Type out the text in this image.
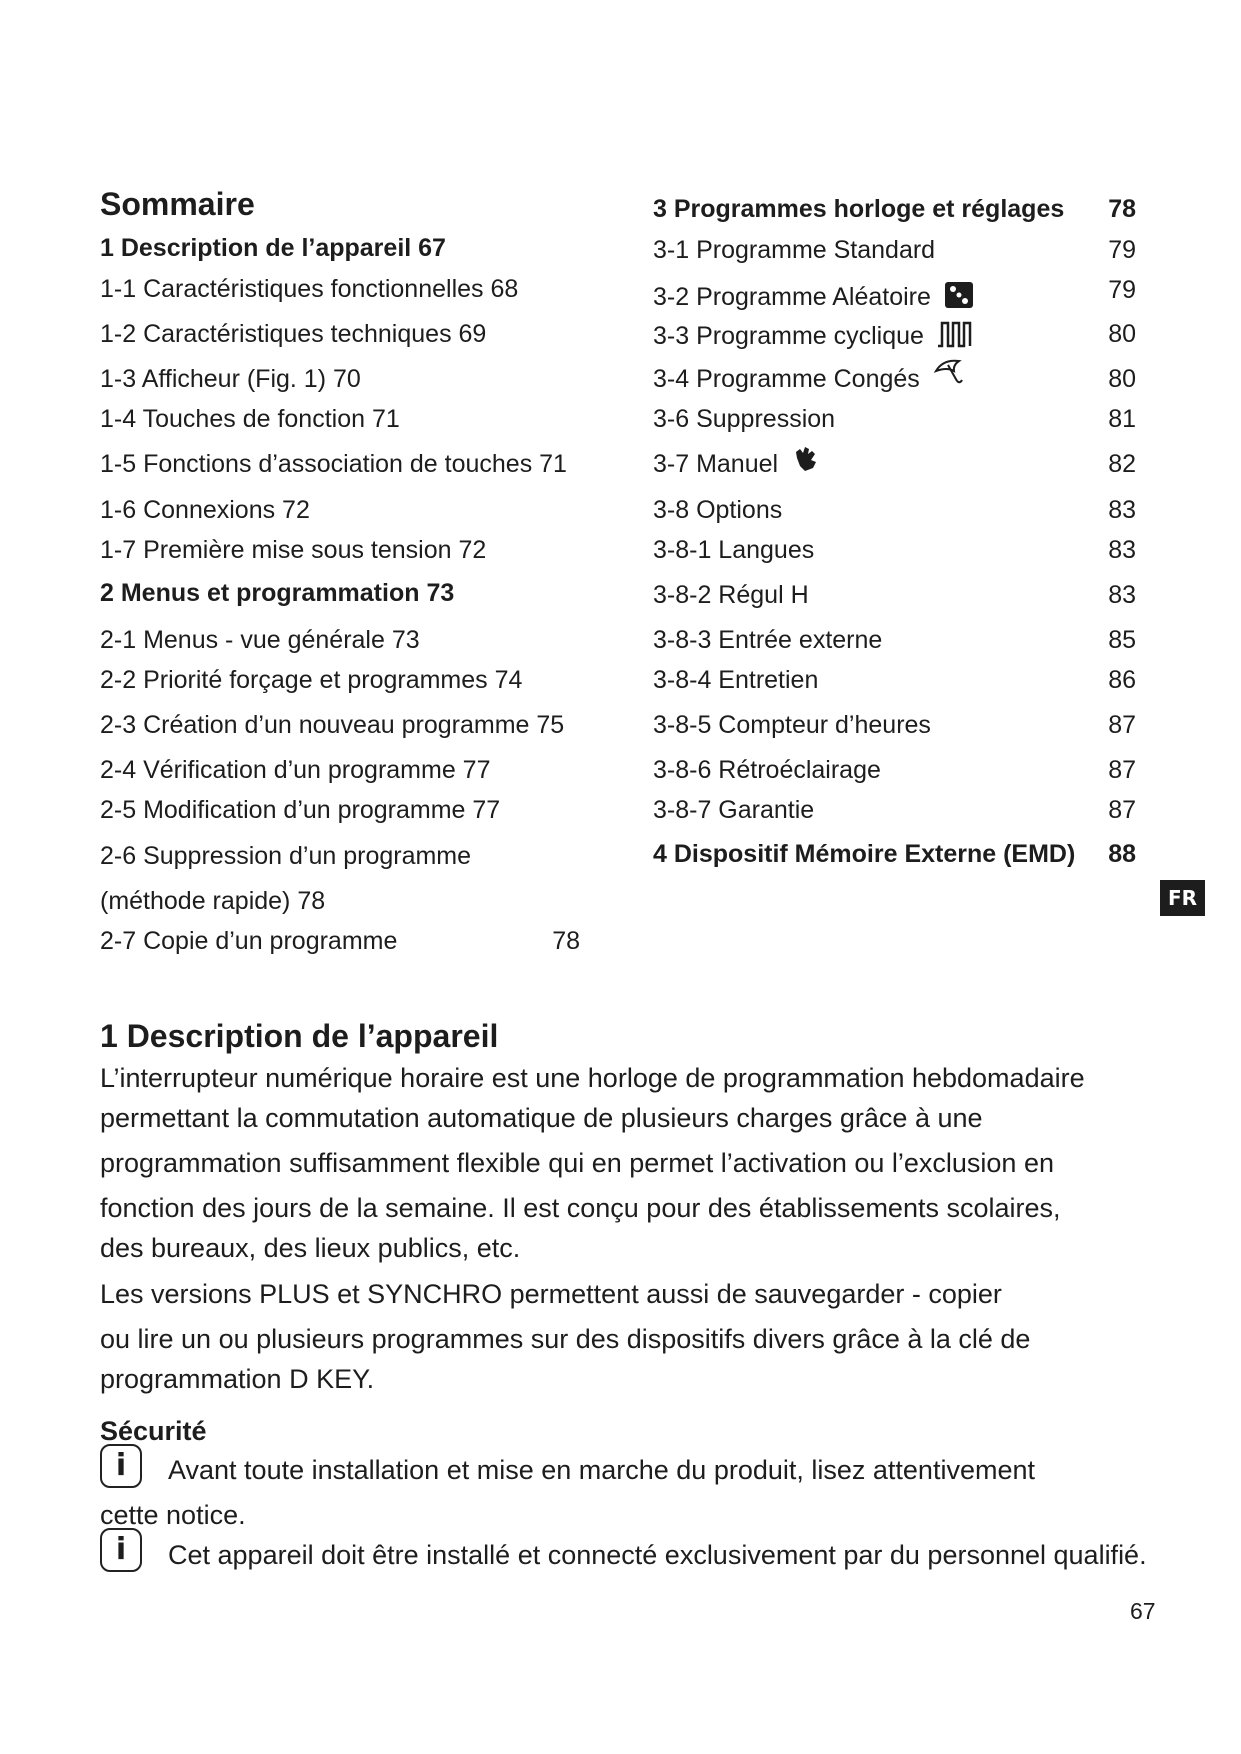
Sommaire
1 Description de l’appareil 67
1-1 Caractéristiques fonctionnelles 68
1-2 Caractéristiques techniques 69
1-3 Afficheur (Fig. 1) 70
1-4 Touches de fonction 71
1-5 Fonctions d’association de touches 71
1-6 Connexions 72
1-7 Première mise sous tension 72
2 Menus et programmation 73
2-1 Menus - vue générale 73
2-2 Priorité forçage et programmes 74
2-3 Création d’un nouveau programme 75
2-4 Vérification d’un programme 77
2-5 Modification d’un programme 77
2-6 Suppression d’un programme
(méthode rapide) 78
2-7 Copie d’un programme	78
3 Programmes horloge et réglages	78
3-1 Programme Standard	79
3-2 Programme Aléatoire	79
3-3 Programme cyclique	80
3-4 Programme Congés	80
3-6 Suppression	81
3-7 Manuel	82
3-8 Options	83
3-8-1 Langues	83
3-8-2 Régul H	83
3-8-3 Entrée externe	85
3-8-4 Entretien	86
3-8-5 Compteur d’heures	87
3-8-6 Rétroéclairage	87
3-8-7 Garantie	87
4 Dispositif Mémoire Externe (EMD)	88
FR
1 Description de l’appareil
L’interrupteur numérique horaire est une horloge de programmation hebdomadaire
permettant la commutation automatique de plusieurs charges grâce à une
programmation suffisamment flexible qui en permet l’activation ou l’exclusion en
fonction des jours de la semaine. Il est conçu pour des établissements scolaires,
des bureaux, des lieux publics, etc.
Les versions PLUS et SYNCHRO permettent aussi de sauvegarder - copier
ou lire un ou plusieurs programmes sur des dispositifs divers grâce à la clé de
programmation D KEY.
Sécurité
i	Avant toute installation et mise en marche du produit, lisez attentivement
cette notice.
i	Cet appareil doit être installé et connecté exclusivement par du personnel qualifié.
67
